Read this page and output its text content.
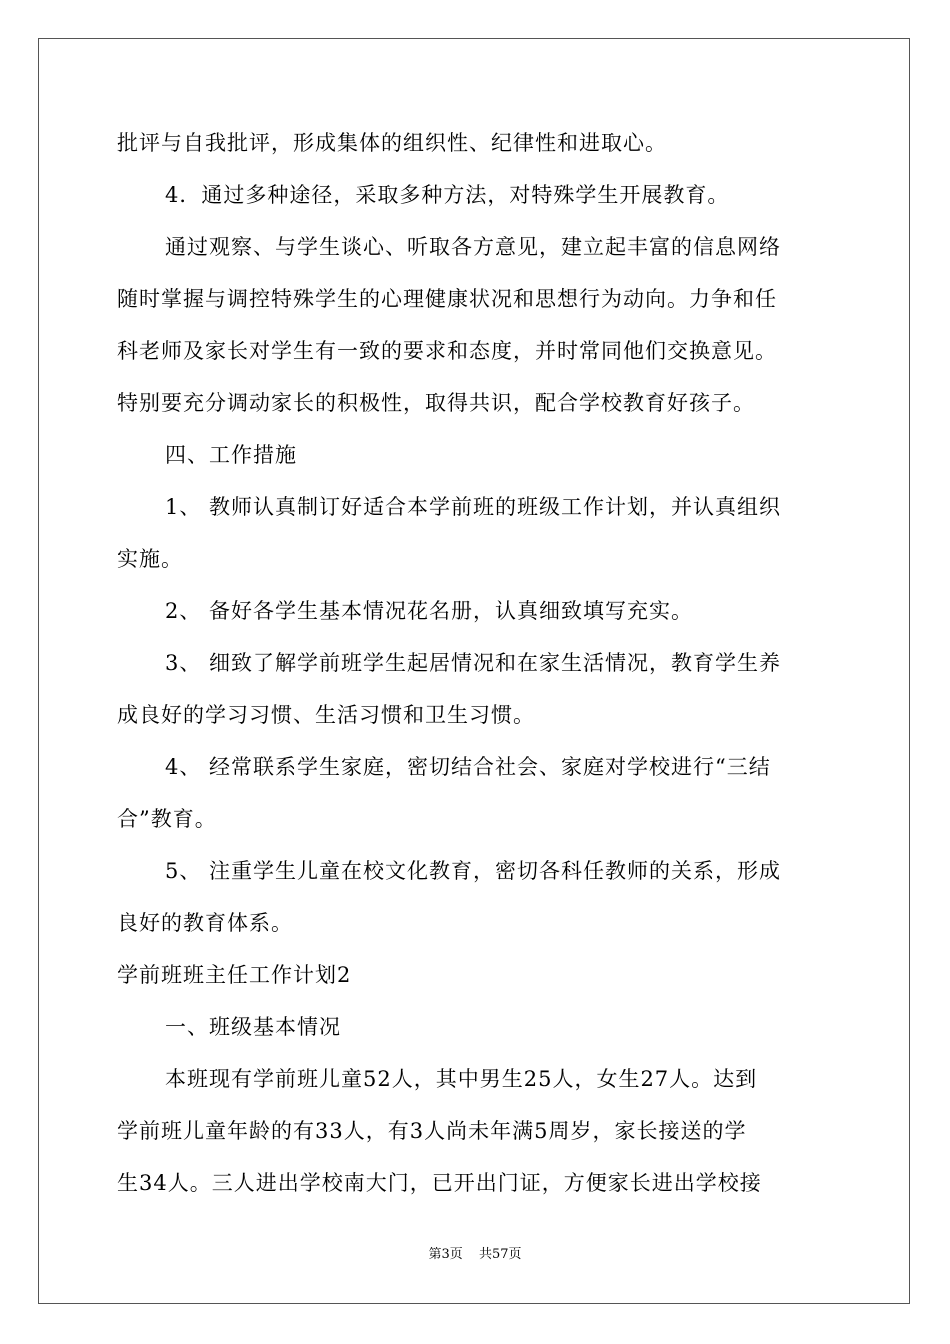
批评与自我批评，形成集体的组织性、纪律性和进取心。
4．通过多种途径，采取多种方法，对特殊学生开展教育。
通过观察、与学生谈心、听取各方意见，建立起丰富的信息网络
随时掌握与调控特殊学生的心理健康状况和思想行为动向。力争和任
科老师及家长对学生有一致的要求和态度，并时常同他们交换意见。
特别要充分调动家长的积极性，取得共识，配合学校教育好孩子。
四、工作措施
1、 教师认真制订好适合本学前班的班级工作计划，并认真组织
实施。
2、 备好各学生基本情况花名册，认真细致填写充实。
3、 细致了解学前班学生起居情况和在家生活情况，教育学生养
成良好的学习习惯、生活习惯和卫生习惯。
4、 经常联系学生家庭，密切结合社会、家庭对学校进行“三结
合”教育。
5、 注重学生儿童在校文化教育，密切各科任教师的关系，形成
良好的教育体系。
学前班班主任工作计划2
一、班级基本情况
本班现有学前班儿童52人，其中男生25人，女生27人。达到
学前班儿童年龄的有33人，有3人尚未年满5周岁，家长接送的学
生34人。三人进出学校南大门，已开出门证，方便家长进出学校接
第3页 共57页
